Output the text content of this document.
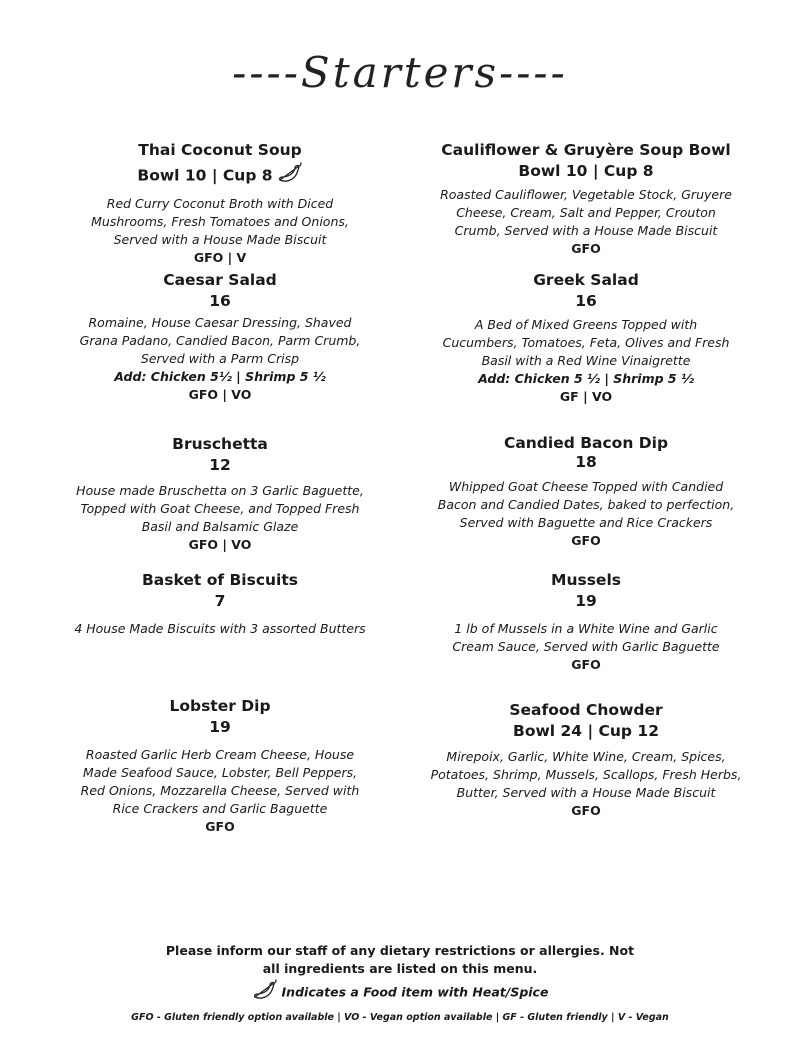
----Starters----
Thai Coconut Soup
Bowl 10 | Cup 8
Red Curry Coconut Broth with Diced Mushrooms, Fresh Tomatoes and Onions, Served with a House Made Biscuit
GFO | V
Cauliflower & Gruyère Soup Bowl
Bowl 10 | Cup 8
Roasted Cauliflower, Vegetable Stock, Gruyere Cheese, Cream, Salt and Pepper, Crouton Crumb, Served with a House Made Biscuit
GFO
Caesar Salad
16
Romaine, House Caesar Dressing, Shaved Grana Padano, Candied Bacon, Parm Crumb, Served with a Parm Crisp
Add: Chicken 5½ | Shrimp 5 ½
GFO | VO
Greek Salad
16
A Bed of Mixed Greens Topped with Cucumbers, Tomatoes, Feta, Olives and Fresh Basil with a Red Wine Vinaigrette
Add: Chicken 5 ½ | Shrimp 5 ½
GF | VO
Bruschetta
12
House made Bruschetta on 3 Garlic Baguette, Topped with Goat Cheese, and Topped Fresh Basil and Balsamic Glaze
GFO | VO
Candied Bacon Dip
18
Whipped Goat Cheese Topped with Candied Bacon and Candied Dates, baked to perfection, Served with Baguette and Rice Crackers
GFO
Basket of Biscuits
7
4 House Made Biscuits with 3 assorted Butters
Mussels
19
1 lb of Mussels in a White Wine and Garlic Cream Sauce, Served with Garlic Baguette
GFO
Lobster Dip
19
Roasted Garlic Herb Cream Cheese, House Made Seafood Sauce, Lobster, Bell Peppers, Red Onions, Mozzarella Cheese, Served with Rice Crackers and Garlic Baguette
GFO
Seafood Chowder
Bowl 24 | Cup 12
Mirepoix, Garlic, White Wine, Cream, Spices, Potatoes, Shrimp, Mussels, Scallops, Fresh Herbs, Butter, Served with a House Made Biscuit
GFO
Please inform our staff of any dietary restrictions or allergies. Not all ingredients are listed on this menu.
Indicates a Food item with Heat/Spice
GFO - Gluten friendly option available | VO - Vegan option available | GF - Gluten friendly | V - Vegan
